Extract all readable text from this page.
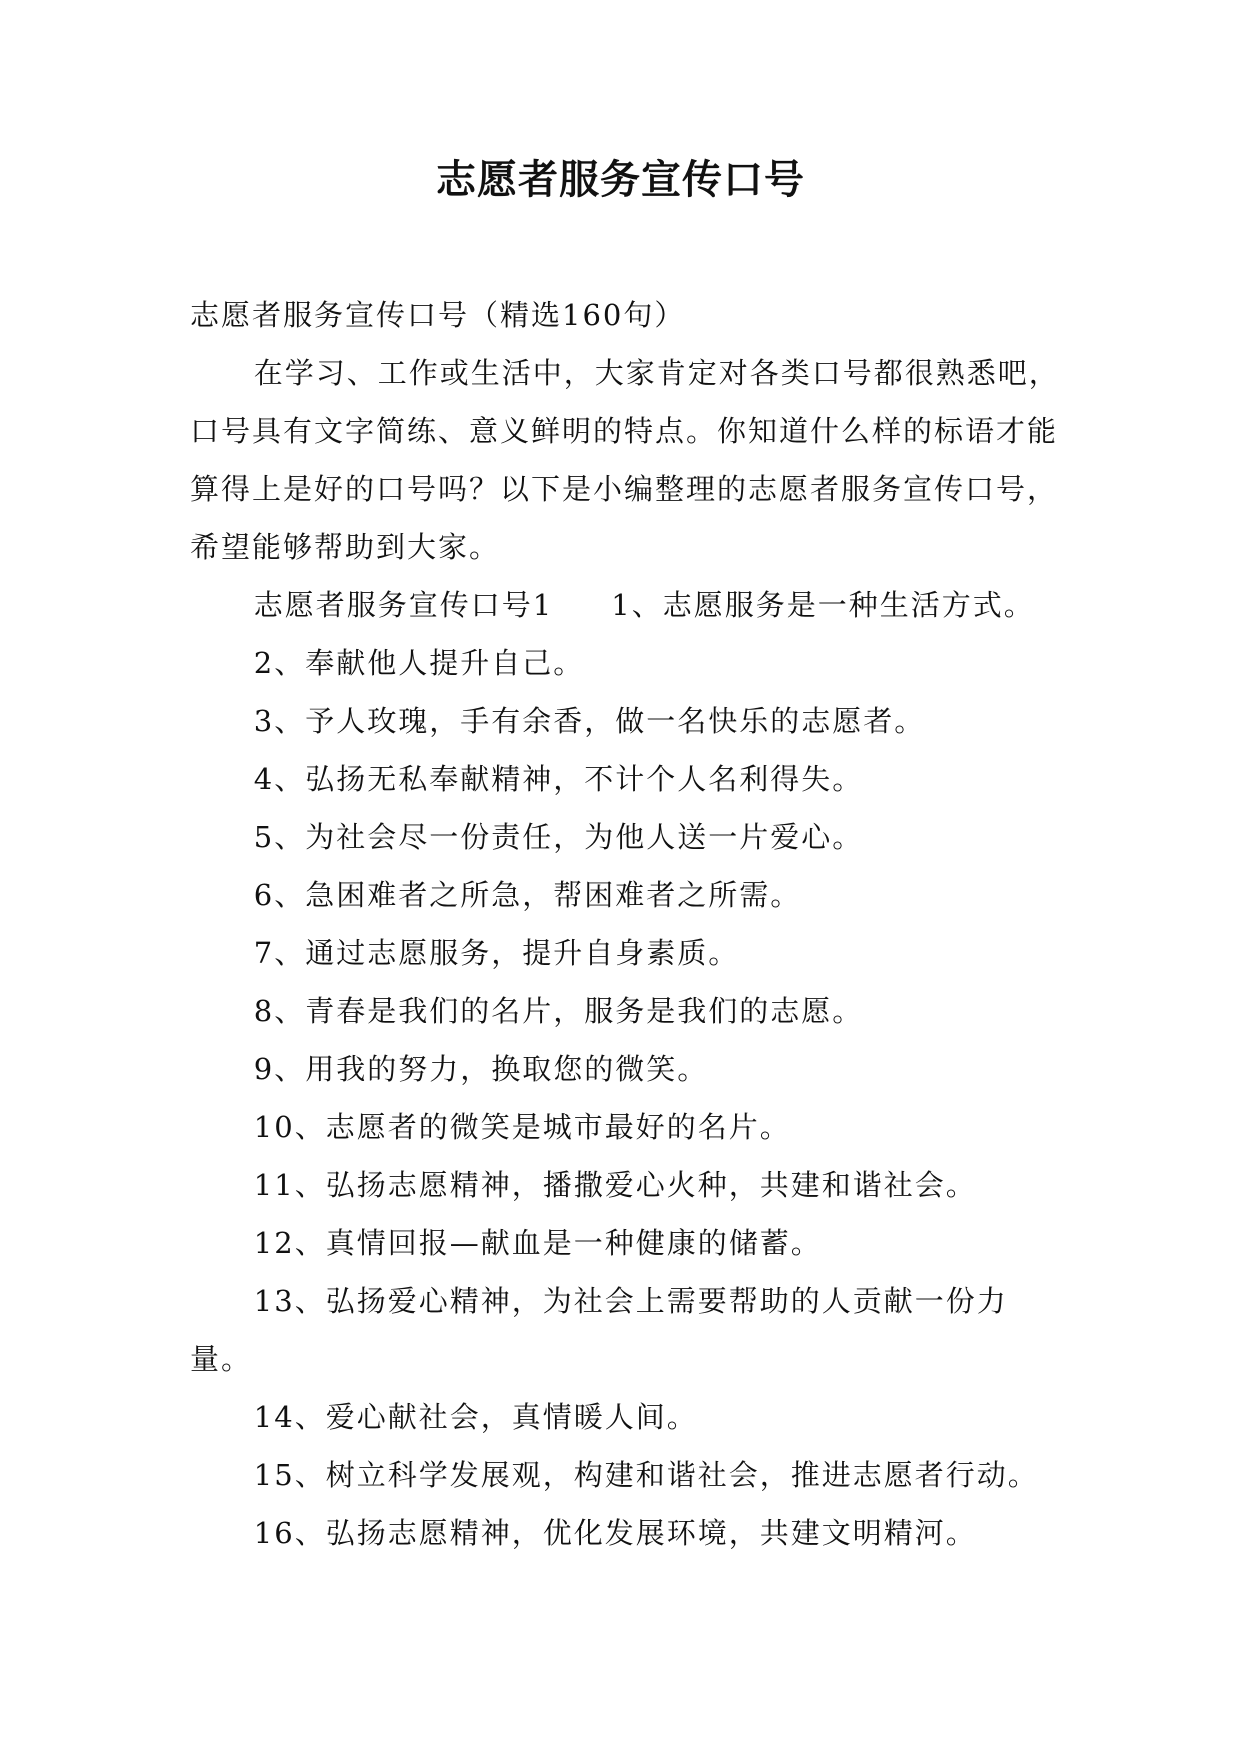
志愿者服务宣传口号

志愿者服务宣传口号（精选160句）

在学习、工作或生活中，大家肯定对各类口号都很熟悉吧，口号具有文字简练、意义鲜明的特点。你知道什么样的标语才能算得上是好的口号吗？以下是小编整理的志愿者服务宣传口号，希望能够帮助到大家。

志愿者服务宣传口号1 1、志愿服务是一种生活方式。

2、奉献他人提升自己。

3、予人玫瑰，手有余香，做一名快乐的志愿者。

4、弘扬无私奉献精神，不计个人名利得失。

5、为社会尽一份责任，为他人送一片爱心。

6、急困难者之所急，帮困难者之所需。

7、通过志愿服务，提升自身素质。

8、青春是我们的名片，服务是我们的志愿。

9、用我的努力，换取您的微笑。

10、志愿者的微笑是城市最好的名片。

11、弘扬志愿精神，播撒爱心火种，共建和谐社会。

12、真情回报—献血是一种健康的储蓄。

13、弘扬爱心精神，为社会上需要帮助的人贡献一份力量。

14、爱心献社会，真情暖人间。

15、树立科学发展观，构建和谐社会，推进志愿者行动。

16、弘扬志愿精神，优化发展环境，共建文明精河。
